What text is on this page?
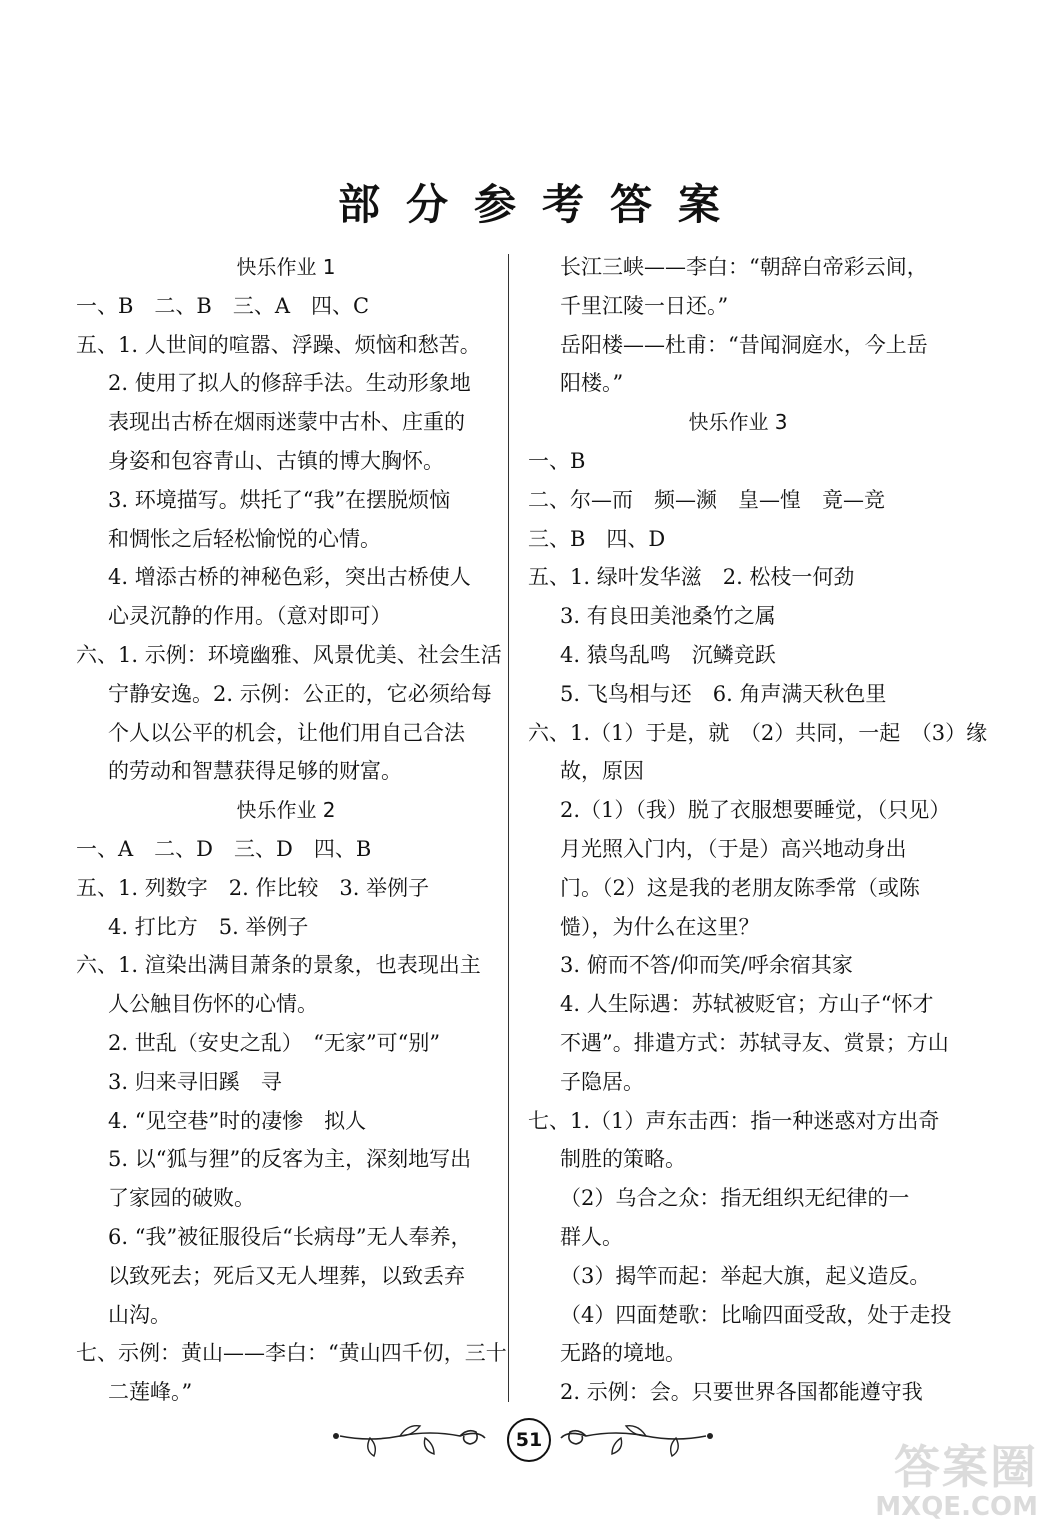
部分参考答案
快乐作业 1
一、B　二、B　三、A　四、C
五、1. 人世间的喧嚣、浮躁、烦恼和愁苦。
2. 使用了拟人的修辞手法。生动形象地
表现出古桥在烟雨迷蒙中古朴、庄重的
身姿和包容青山、古镇的博大胸怀。
3. 环境描写。烘托了“我”在摆脱烦恼
和惆怅之后轻松愉悦的心情。
4. 增添古桥的神秘色彩，突出古桥使人
心灵沉静的作用。（意对即可）
六、1. 示例：环境幽雅、风景优美、社会生活
宁静安逸。2. 示例：公正的，它必须给每
个人以公平的机会，让他们用自己合法
的劳动和智慧获得足够的财富。
快乐作业 2
一、A　二、D　三、D　四、B
五、1. 列数字　2. 作比较　3. 举例子
4. 打比方　5. 举例子
六、1. 渲染出满目萧条的景象，也表现出主
人公触目伤怀的心情。
2. 世乱（安史之乱）　“无家”可“别”
3. 归来寻旧蹊　寻
4. “见空巷”时的凄惨　拟人
5. 以“狐与狸”的反客为主，深刻地写出
了家园的破败。
6. “我”被征服役后“长病母”无人奉养，
以致死去；死后又无人埋葬，以致丢弃
山沟。
七、示例：黄山——李白：“黄山四千仞，三十
二莲峰。”
长江三峡——李白：“朝辞白帝彩云间，
千里江陵一日还。”
岳阳楼——杜甫：“昔闻洞庭水，今上岳
阳楼。”
快乐作业 3
一、B
二、尔—而　频—濒　皇—惶　竟—竞
三、B　四、D
五、1. 绿叶发华滋　2. 松枝一何劲
3. 有良田美池桑竹之属
4. 猿鸟乱鸣　沉鳞竞跃
5. 飞鸟相与还　6. 角声满天秋色里
六、1.（1）于是，就　（2）共同，一起　（3）缘
故，原因
2.（1）（我）脱了衣服想要睡觉，（只见）
月光照入门内，（于是）高兴地动身出
门。（2）这是我的老朋友陈季常（或陈
慥），为什么在这里？
3. 俯而不答/仰而笑/呼余宿其家
4. 人生际遇：苏轼被贬官；方山子“怀才
不遇”。排遣方式：苏轼寻友、赏景；方山
子隐居。
七、1.（1）声东击西：指一种迷惑对方出奇
制胜的策略。
（2）乌合之众：指无组织无纪律的一
群人。
（3）揭竿而起：举起大旗，起义造反。
（4）四面楚歌：比喻四面受敌，处于走投
无路的境地。
2. 示例：会。只要世界各国都能遵守我
51	答案圈
MXQE.COM
